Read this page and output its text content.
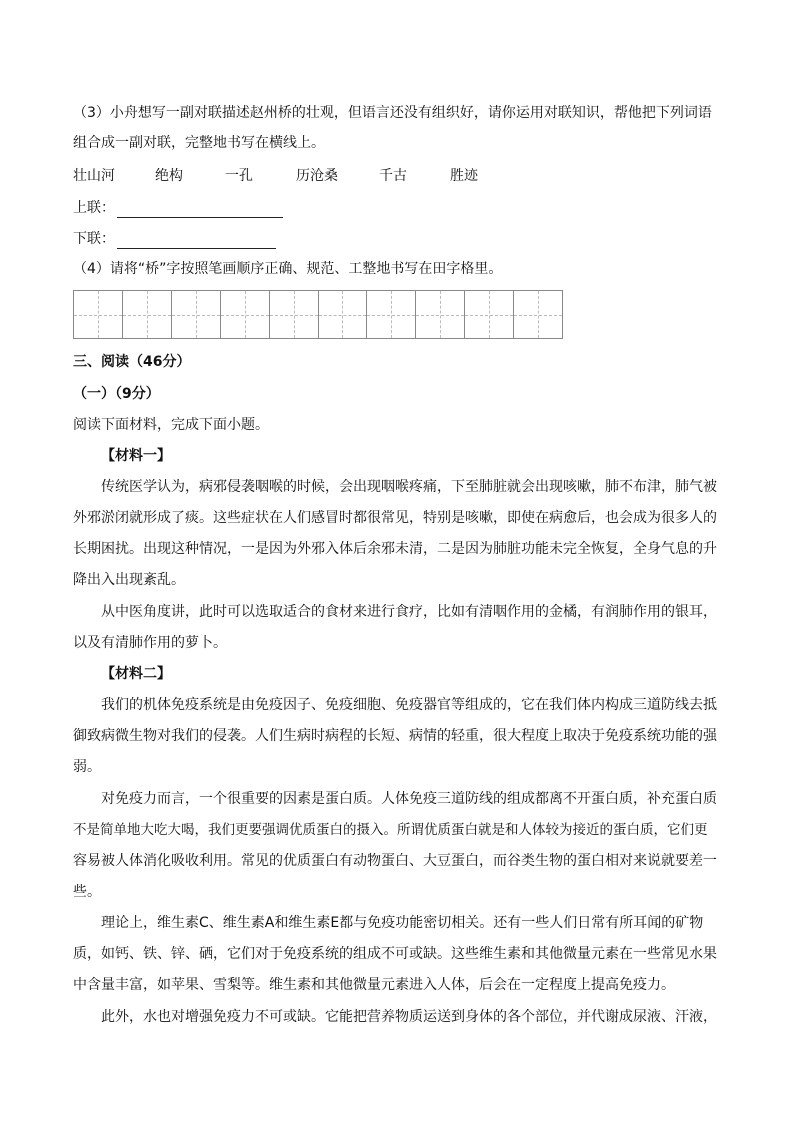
（3）小舟想写一副对联描述赵州桥的壮观，但语言还没有组织好，请你运用对联知识，帮他把下列词语
组合成一副对联，完整地书写在横线上。
壮山河	绝构	一孔	历沧桑	千古	胜迹
上联：
下联：
（4）请将“桥”字按照笔画顺序正确、规范、工整地书写在田字格里。
三、阅读（46分）
（一）（9分）
阅读下面材料，完成下面小题。
【材料一】
传统医学认为，病邪侵袭咽喉的时候，会出现咽喉疼痛，下至肺脏就会出现咳嗽，肺不布津，肺气被
外邪淤闭就形成了痰。这些症状在人们感冒时都很常见，特别是咳嗽，即使在病愈后，也会成为很多人的
长期困扰。出现这种情况，一是因为外邪入体后余邪未清，二是因为肺脏功能未完全恢复，全身气息的升
降出入出现紊乱。
从中医角度讲，此时可以选取适合的食材来进行食疗，比如有清咽作用的金橘，有润肺作用的银耳，
以及有清肺作用的萝卜。
【材料二】
我们的机体免疫系统是由免疫因子、免疫细胞、免疫器官等组成的，它在我们体内构成三道防线去抵
御致病微生物对我们的侵袭。人们生病时病程的长短、病情的轻重，很大程度上取决于免疫系统功能的强
弱。
对免疫力而言，一个很重要的因素是蛋白质。人体免疫三道防线的组成都离不开蛋白质，补充蛋白质
不是简单地大吃大喝，我们更要强调优质蛋白的摄入。所谓优质蛋白就是和人体较为接近的蛋白质，它们更
容易被人体消化吸收利用。常见的优质蛋白有动物蛋白、大豆蛋白，而谷类生物的蛋白相对来说就要差一
些。
理论上，维生素C、维生素A和维生素E都与免疫功能密切相关。还有一些人们日常有所耳闻的矿物
质，如钙、铁、锌、硒，它们对于免疫系统的组成不可或缺。这些维生素和其他微量元素在一些常见水果
中含量丰富，如苹果、雪梨等。维生素和其他微量元素进入人体，后会在一定程度上提高免疫力。
此外，水也对增强免疫力不可或缺。它能把营养物质运送到身体的各个部位，并代谢成尿液、汗液，
